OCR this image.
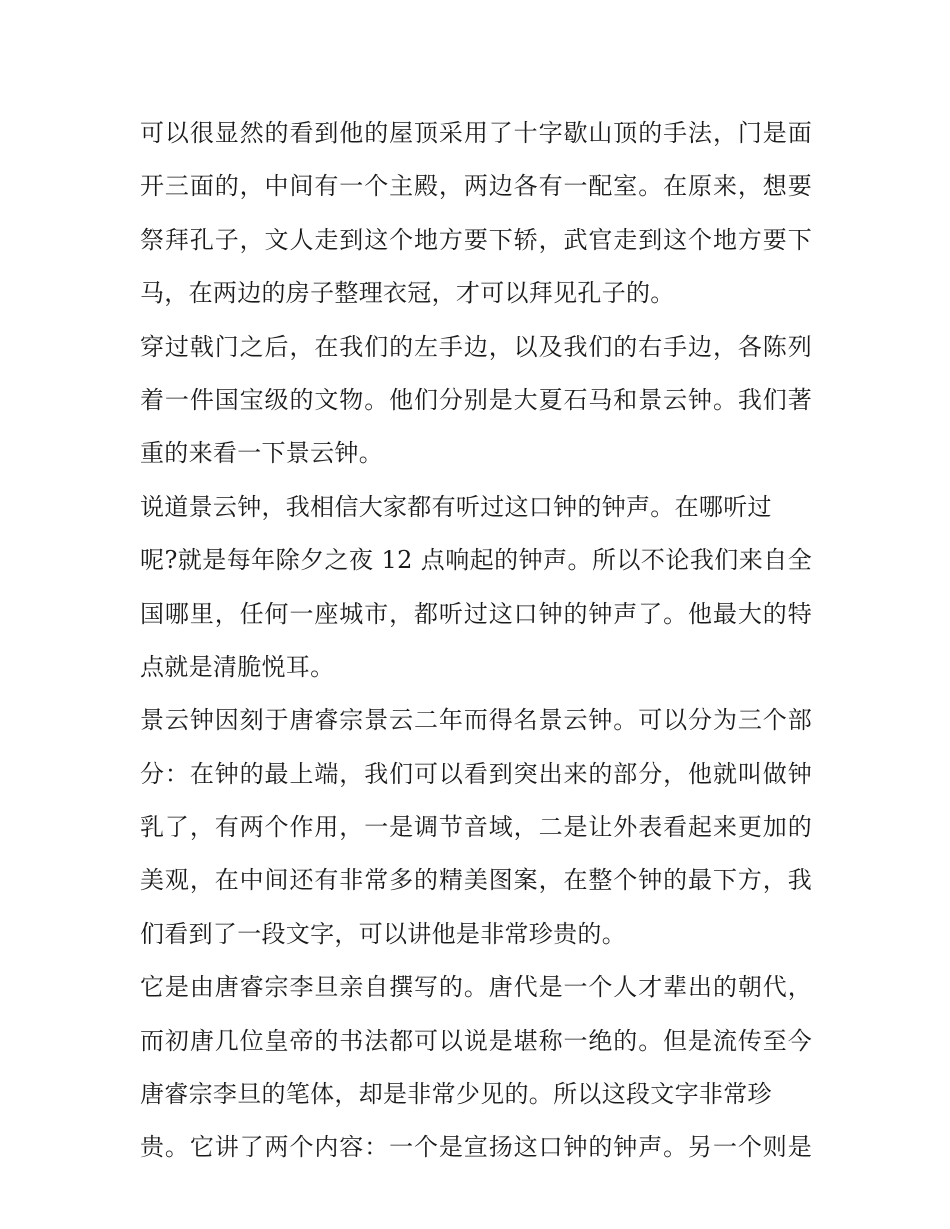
可以很显然的看到他的屋顶采用了十字歇山顶的手法，门是面
开三面的，中间有一个主殿，两边各有一配室。在原来，想要
祭拜孔子，文人走到这个地方要下轿，武官走到这个地方要下
马，在两边的房子整理衣冠，才可以拜见孔子的。
穿过戟门之后，在我们的左手边，以及我们的右手边，各陈列
着一件国宝级的文物。他们分别是大夏石马和景云钟。我们著
重的来看一下景云钟。
说道景云钟，我相信大家都有听过这口钟的钟声。在哪听过
呢?就是每年除夕之夜 12 点响起的钟声。所以不论我们来自全
国哪里，任何一座城市，都听过这口钟的钟声了。他最大的特
点就是清脆悦耳。
景云钟因刻于唐睿宗景云二年而得名景云钟。可以分为三个部
分：在钟的最上端，我们可以看到突出来的部分，他就叫做钟
乳了，有两个作用，一是调节音域，二是让外表看起来更加的
美观，在中间还有非常多的精美图案，在整个钟的最下方，我
们看到了一段文字，可以讲他是非常珍贵的。
它是由唐睿宗李旦亲自撰写的。唐代是一个人才辈出的朝代，
而初唐几位皇帝的书法都可以说是堪称一绝的。但是流传至今
唐睿宗李旦的笔体，却是非常少见的。所以这段文字非常珍
贵。它讲了两个内容：一个是宣扬这口钟的钟声。另一个则是
